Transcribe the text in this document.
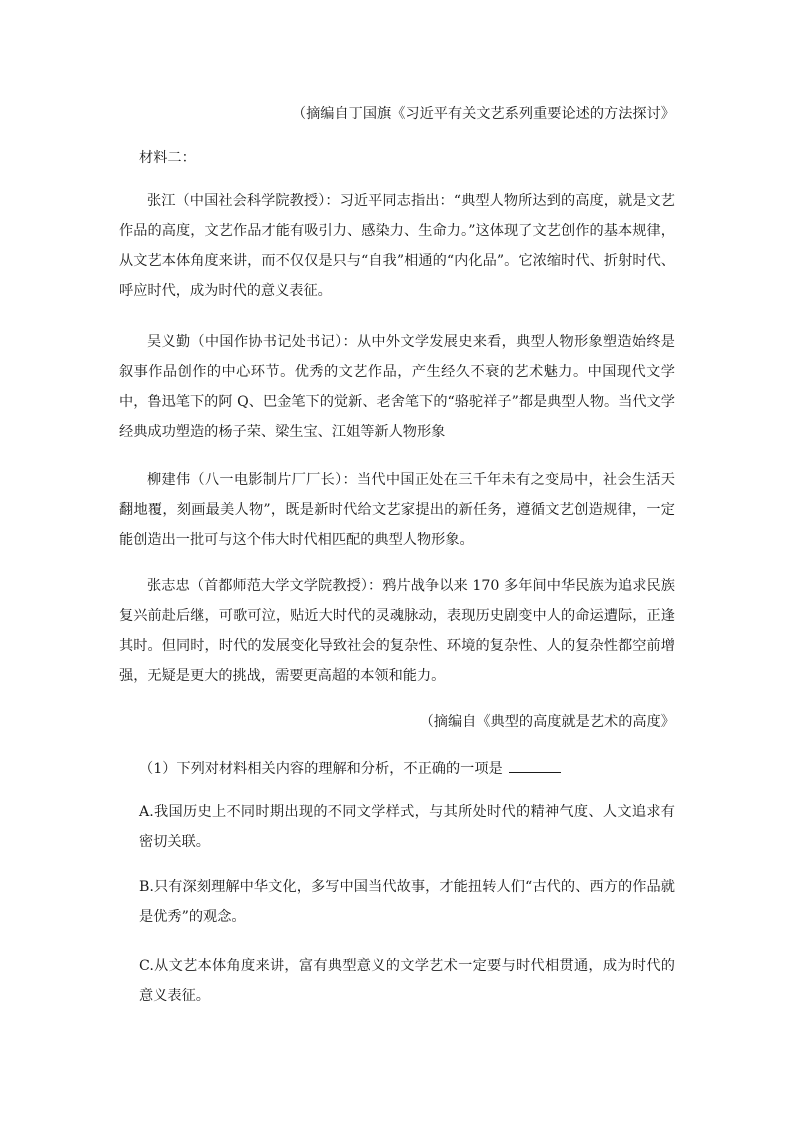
（摘编自丁国旗《习近平有关文艺系列重要论述的方法探讨》

材料二：

张江（中国社会科学院教授）：习近平同志指出：“典型人物所达到的高度，就是文艺作品的高度，文艺作品才能有吸引力、感染力、生命力。”这体现了文艺创作的基本规律，从文艺本体角度来讲，而不仅仅是只与“自我”相通的“内化品”。它浓缩时代、折射时代、呼应时代，成为时代的意义表征。

吴义勤（中国作协书记处书记）：从中外文学发展史来看，典型人物形象塑造始终是叙事作品创作的中心环节。优秀的文艺作品，产生经久不衰的艺术魅力。中国现代文学中，鲁迅笔下的阿 Q、巴金笔下的觉新、老舍笔下的“骆驼祥子”都是典型人物。当代文学经典成功塑造的杨子荣、梁生宝、江姐等新人物形象

柳建伟（八一电影制片厂厂长）：当代中国正处在三千年未有之变局中，社会生活天翻地覆，刻画最美人物”，既是新时代给文艺家提出的新任务，遵循文艺创造规律，一定能创造出一批可与这个伟大时代相匹配的典型人物形象。

张志忠（首都师范大学文学院教授）：鸦片战争以来 170 多年间中华民族为追求民族复兴前赴后继，可歌可泣，贴近大时代的灵魂脉动，表现历史剧变中人的命运遭际，正逢其时。但同时，时代的发展变化导致社会的复杂性、环境的复杂性、人的复杂性都空前增强，无疑是更大的挑战，需要更高超的本领和能力。

（摘编自《典型的高度就是艺术的高度》

（1）下列对材料相关内容的理解和分析，不正确的一项是

A.我国历史上不同时期出现的不同文学样式，与其所处时代的精神气度、人文追求有密切关联。

B.只有深刻理解中华文化，多写中国当代故事，才能扭转人们“古代的、西方的作品就是优秀”的观念。

C.从文艺本体角度来讲，富有典型意义的文学艺术一定要与时代相贯通，成为时代的意义表征。
